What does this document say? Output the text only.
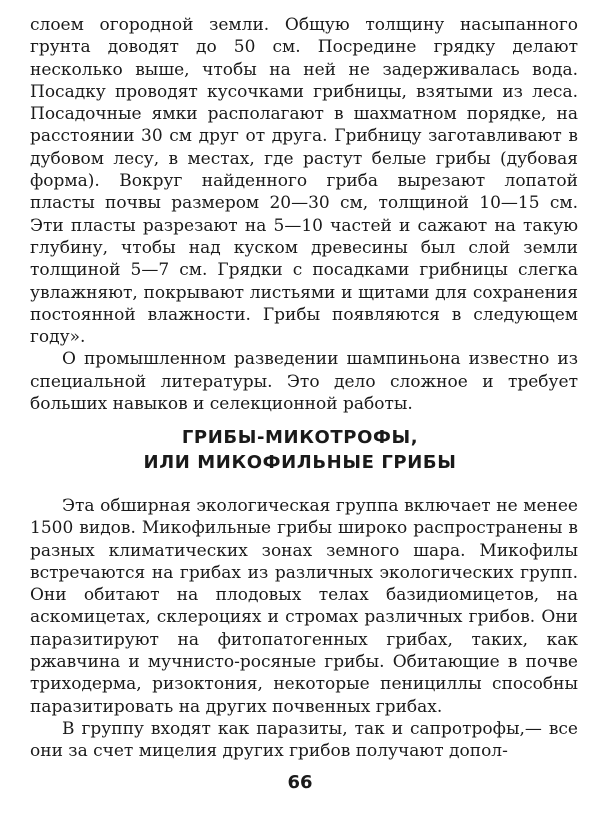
слоем огородной земли. Общую толщину насыпанного грунта доводят до 50 см. Посредине грядку делают несколько выше, чтобы на ней не задерживалась вода. Посадку проводят кусочками грибницы, взятыми из леса. Посадочные ямки располагают в шахматном порядке, на расстоянии 30 см друг от друга. Грибницу заготавливают в дубовом лесу, в местах, где растут белые грибы (дубовая форма). Вокруг найденного гриба вырезают лопатой пласты почвы размером 20—30 см, толщиной 10—15 см. Эти пласты разрезают на 5—10 частей и сажают на такую глубину, чтобы над куском древесины был слой земли толщиной 5—7 см. Грядки с посадками грибницы слегка увлажняют, покрывают листьями и щитами для сохранения постоянной влажности. Грибы появляются в следующем году».

О промышленном разведении шампиньона известно из специальной литературы. Это дело сложное и требует больших навыков и селекционной работы.

ГРИБЫ-МИКОТРОФЫ,
ИЛИ МИКОФИЛЬНЫЕ ГРИБЫ

Эта обширная экологическая группа включает не менее 1500 видов. Микофильные грибы широко распространены в разных климатических зонах земного шара. Микофилы встречаются на грибах из различных экологических групп. Они обитают на плодовых телах базидиомицетов, на аскомицетах, склероциях и стромах различных грибов. Они паразитируют на фитопатогенных грибах, таких, как ржавчина и мучнисто-росяные грибы. Обитающие в почве триходерма, ризоктония, некоторые пенициллы способны паразитировать на других почвенных грибах.

В группу входят как паразиты, так и сапротрофы,— все они за счет мицелия других грибов получают допол-

66
